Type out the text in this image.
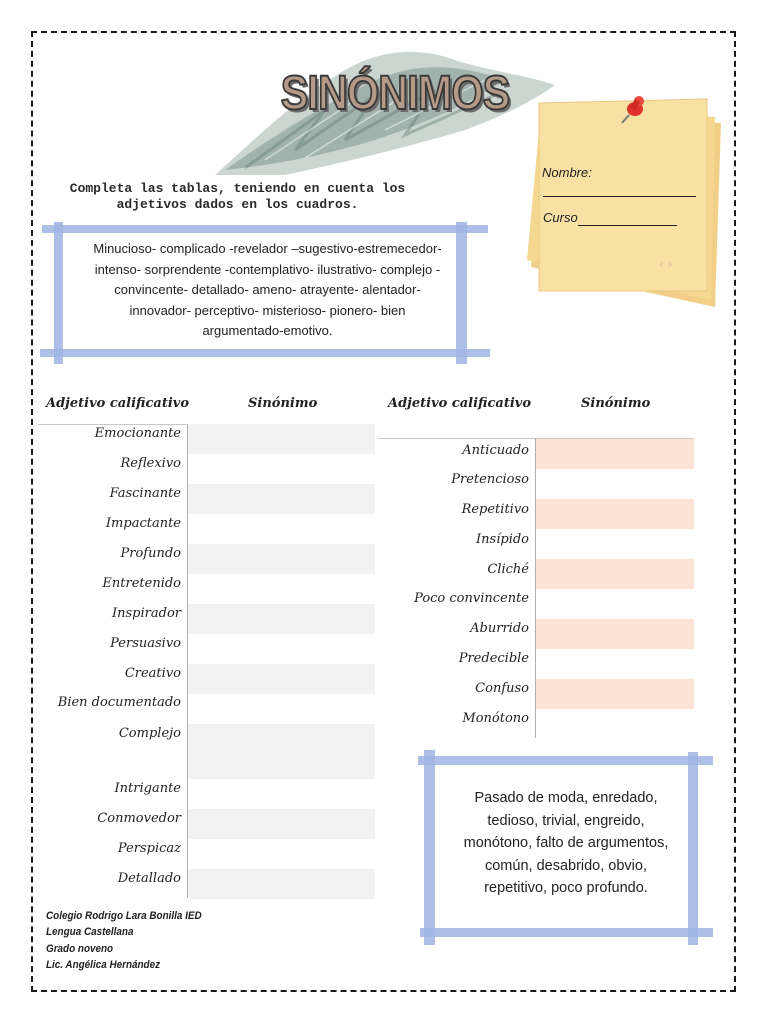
SINÓNIMOS
Completa las tablas, teniendo en cuenta los
adjetivos dados en los cuadros.
Nombre:
Curso
‹ ›
Minucioso- complicado -revelador –sugestivo-estremecedor-
intenso- sorprendente -contemplativo- ilustrativo- complejo -
convincente- detallado- ameno- atrayente- alentador-
innovador- perceptivo- misterioso- pionero- bien
argumentado-emotivo.
Adjetivo calificativo	Sinónimo
Emocionante
Reflexivo
Fascinante
Impactante
Profundo
Entretenido
Inspirador
Persuasivo
Creativo
Bien documentado
Complejo
Intrigante
Conmovedor
Perspicaz
Detallado
Adjetivo calificativo	Sinónimo
Anticuado
Pretencioso
Repetitivo
Insípido
Cliché
Poco convincente
Aburrido
Predecible
Confuso
Monótono
Pasado de moda, enredado,
tedioso, trivial, engreido,
monótono, falto de argumentos,
común, desabrido, obvio,
repetitivo, poco profundo.
Colegio Rodrigo Lara Bonilla IED
Lengua Castellana
Grado noveno
Lic. Angélica Hernández
